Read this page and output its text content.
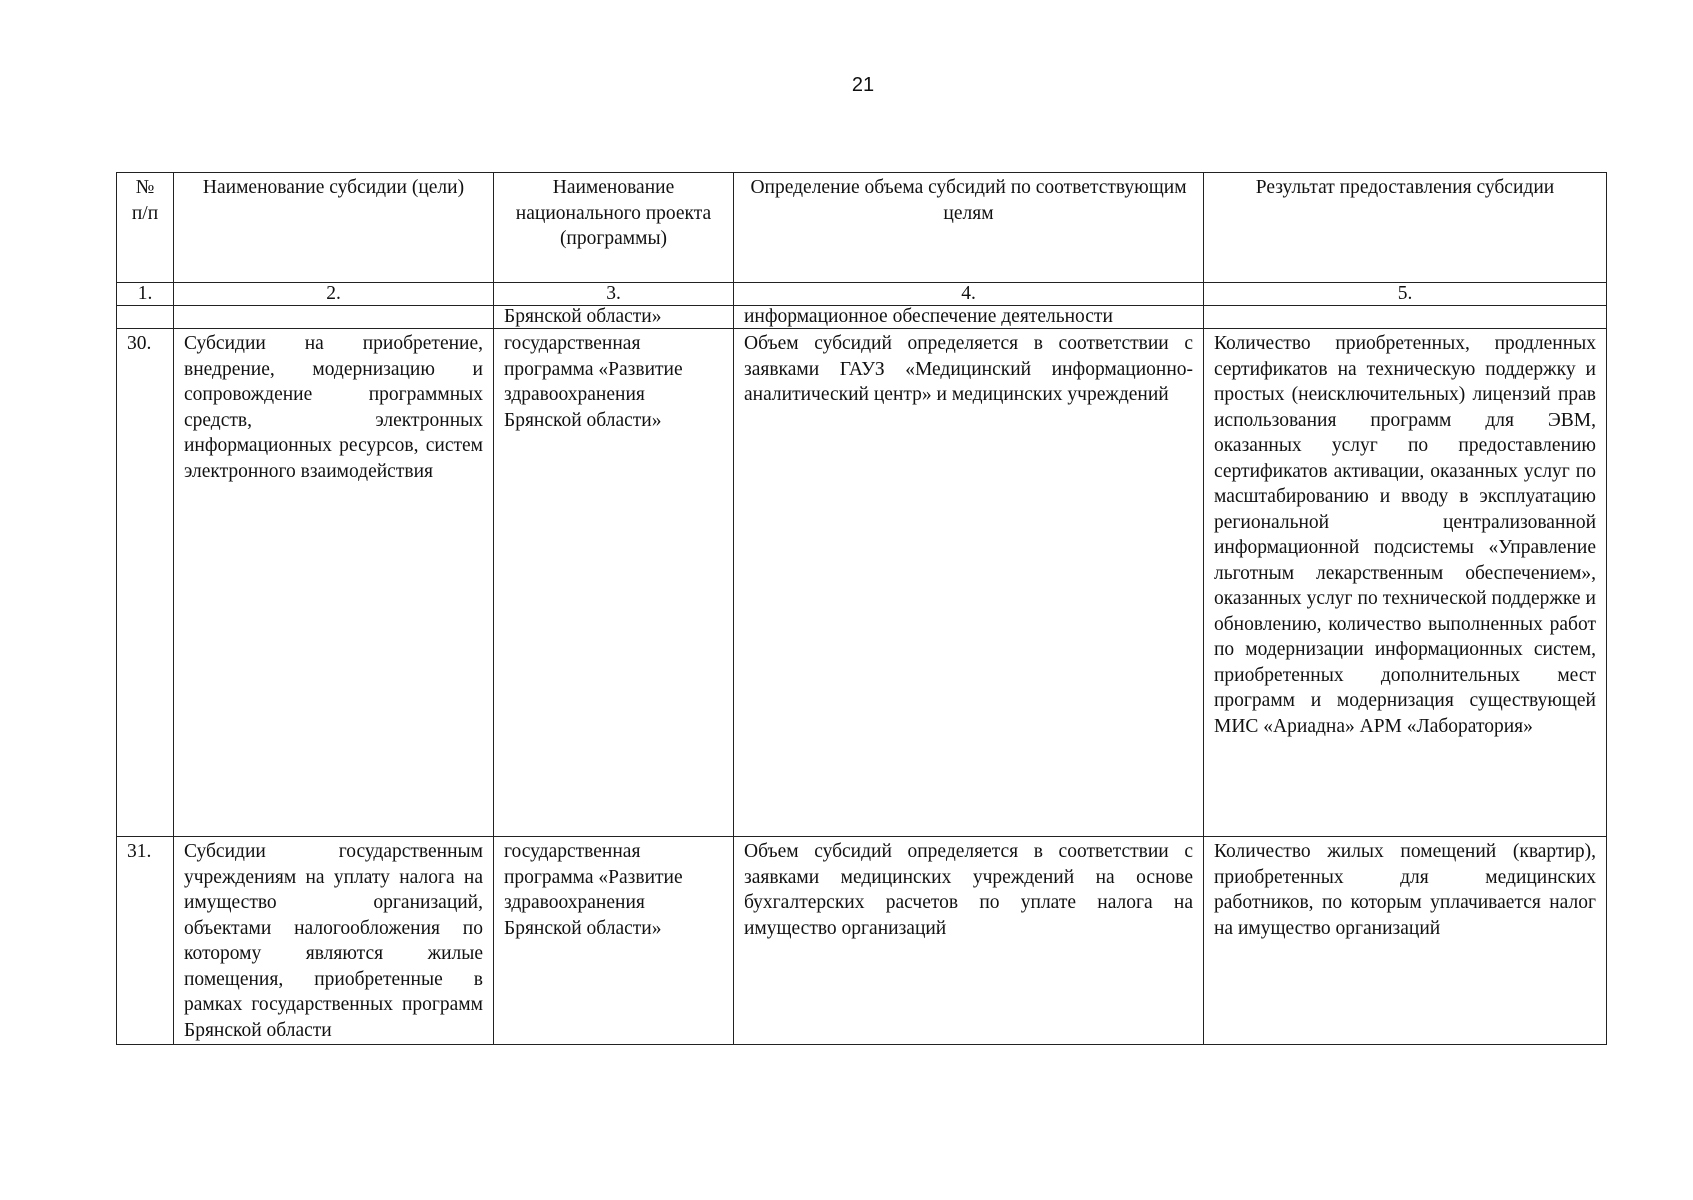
21
№ п/п	Наименование субсидии (цели)	Наименование национального проекта (программы)	Определение объема субсидий по соответствующим целям	Результат предоставления субсидии
1.	2.	3.	4.	5.
		Брянской области»	информационное обеспечение деятельности	
30.	Субсидии на приобретение, внедрение, модернизацию и сопровождение программных средств, электронных информационных ресурсов, систем электронного взаимодействия	государственная программа «Развитие здравоохранения Брянской области»	Объем субсидий определяется в соответствии с заявками ГАУЗ «Медицинский информационно-аналитический центр» и медицинских учреждений	Количество приобретенных, продленных сертификатов на техническую поддержку и простых (неисключительных) лицензий прав использования программ для ЭВМ, оказанных услуг по предоставлению сертификатов активации, оказанных услуг по масштабированию и вводу в эксплуатацию региональной централизованной информационной подсистемы «Управление льготным лекарственным обеспечением», оказанных услуг по технической поддержке и обновлению, количество выполненных работ по модернизации информационных систем, приобретенных дополнительных мест программ и модернизация существующей МИС «Ариадна» АРМ «Лаборатория»
31.	Субсидии государственным учреждениям на уплату налога на имущество организаций, объектами налогообложения по которому являются жилые помещения, приобретенные в рамках государственных программ Брянской области	государственная программа «Развитие здравоохранения Брянской области»	Объем субсидий определяется в соответствии с заявками медицинских учреждений на основе бухгалтерских расчетов по уплате налога на имущество организаций	Количество жилых помещений (квартир), приобретенных для медицинских работников, по которым уплачивается налог на имущество организаций
